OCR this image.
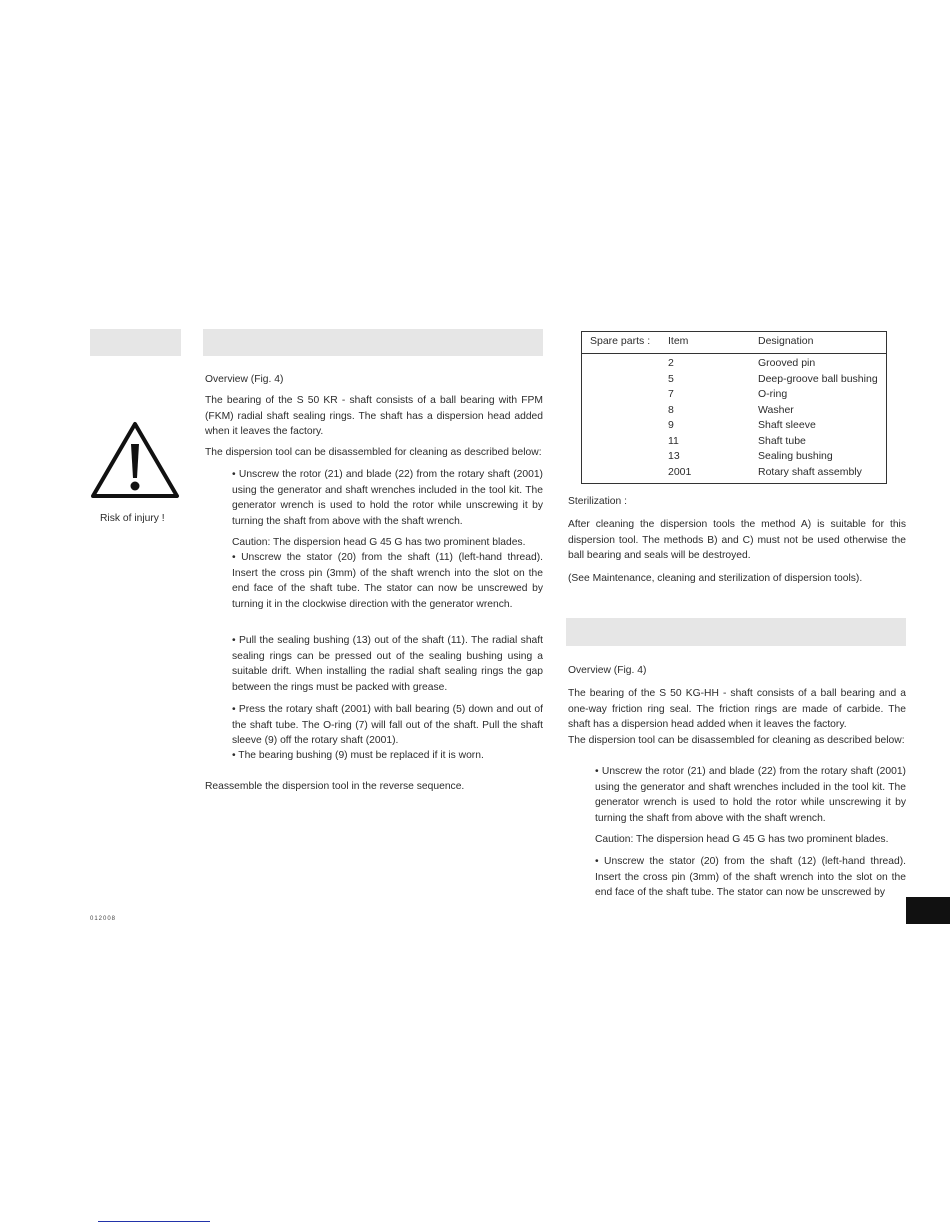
Risk of injury !
012008
Overview (Fig. 4)

The bearing of the S 50 KR - shaft consists of a ball bearing with FPM (FKM) radial shaft sealing rings. The shaft has a dispersion head added when it leaves the factory.

The dispersion tool can be disassembled for cleaning as described below:

• Unscrew the rotor (21) and blade (22) from the rotary shaft (2001) using the generator and shaft wrenches included in the tool kit. The generator wrench is used to hold the rotor while unscrewing it by turning the shaft from above with the shaft wrench.

Caution: The dispersion head G 45 G has two prominent blades.

• Unscrew the stator (20) from the shaft (11) (left-hand thread). Insert the cross pin (3mm) of the shaft wrench into the slot on the end face of the shaft tube. The stator can now be unscrewed by turning it in the clockwise direction with the generator wrench.

• Pull the sealing bushing (13) out of the shaft (11). The radial shaft sealing rings can be pressed out of the sealing bushing using a suitable drift. When installing the radial shaft sealing rings the gap between the rings must be packed with grease.

• Press the rotary shaft (2001) with ball bearing (5) down and out of the shaft tube. The O-ring (7) will fall out of the shaft. Pull the shaft sleeve (9) off the rotary shaft (2001).

• The bearing bushing (9) must be replaced if it is worn.

Reassemble the dispersion tool in the reverse sequence.

Spare parts : Item	Designation
2	Grooved pin
5	Deep-groove ball bushing
7	O-ring
8	Washer
9	Shaft sleeve
11	Shaft tube
13	Sealing bushing
2001	Rotary shaft assembly
Sterilization :

After cleaning the dispersion tools the method A) is suitable for this dispersion tool. The methods B) and C) must not be used otherwise the ball bearing and seals will be destroyed.

(See Maintenance, cleaning and sterilization of dispersion tools).

Overview (Fig. 4)

The bearing of the S 50 KG-HH - shaft consists of a ball bearing and a one-way friction ring seal. The friction rings are made of carbide. The shaft has a dispersion head added when it leaves the factory.

The dispersion tool can be disassembled for cleaning as described below:

• Unscrew the rotor (21) and blade (22) from the rotary shaft (2001) using the generator and shaft wrenches included in the tool kit. The generator wrench is used to hold the rotor while unscrewing it by turning the shaft from above with the shaft wrench.

Caution: The dispersion head G 45 G has two prominent blades.

• Unscrew the stator (20) from the shaft (12) (left-hand thread). Insert the cross pin (3mm) of the shaft wrench into the slot on the end face of the shaft tube. The stator can now be unscrewed by
